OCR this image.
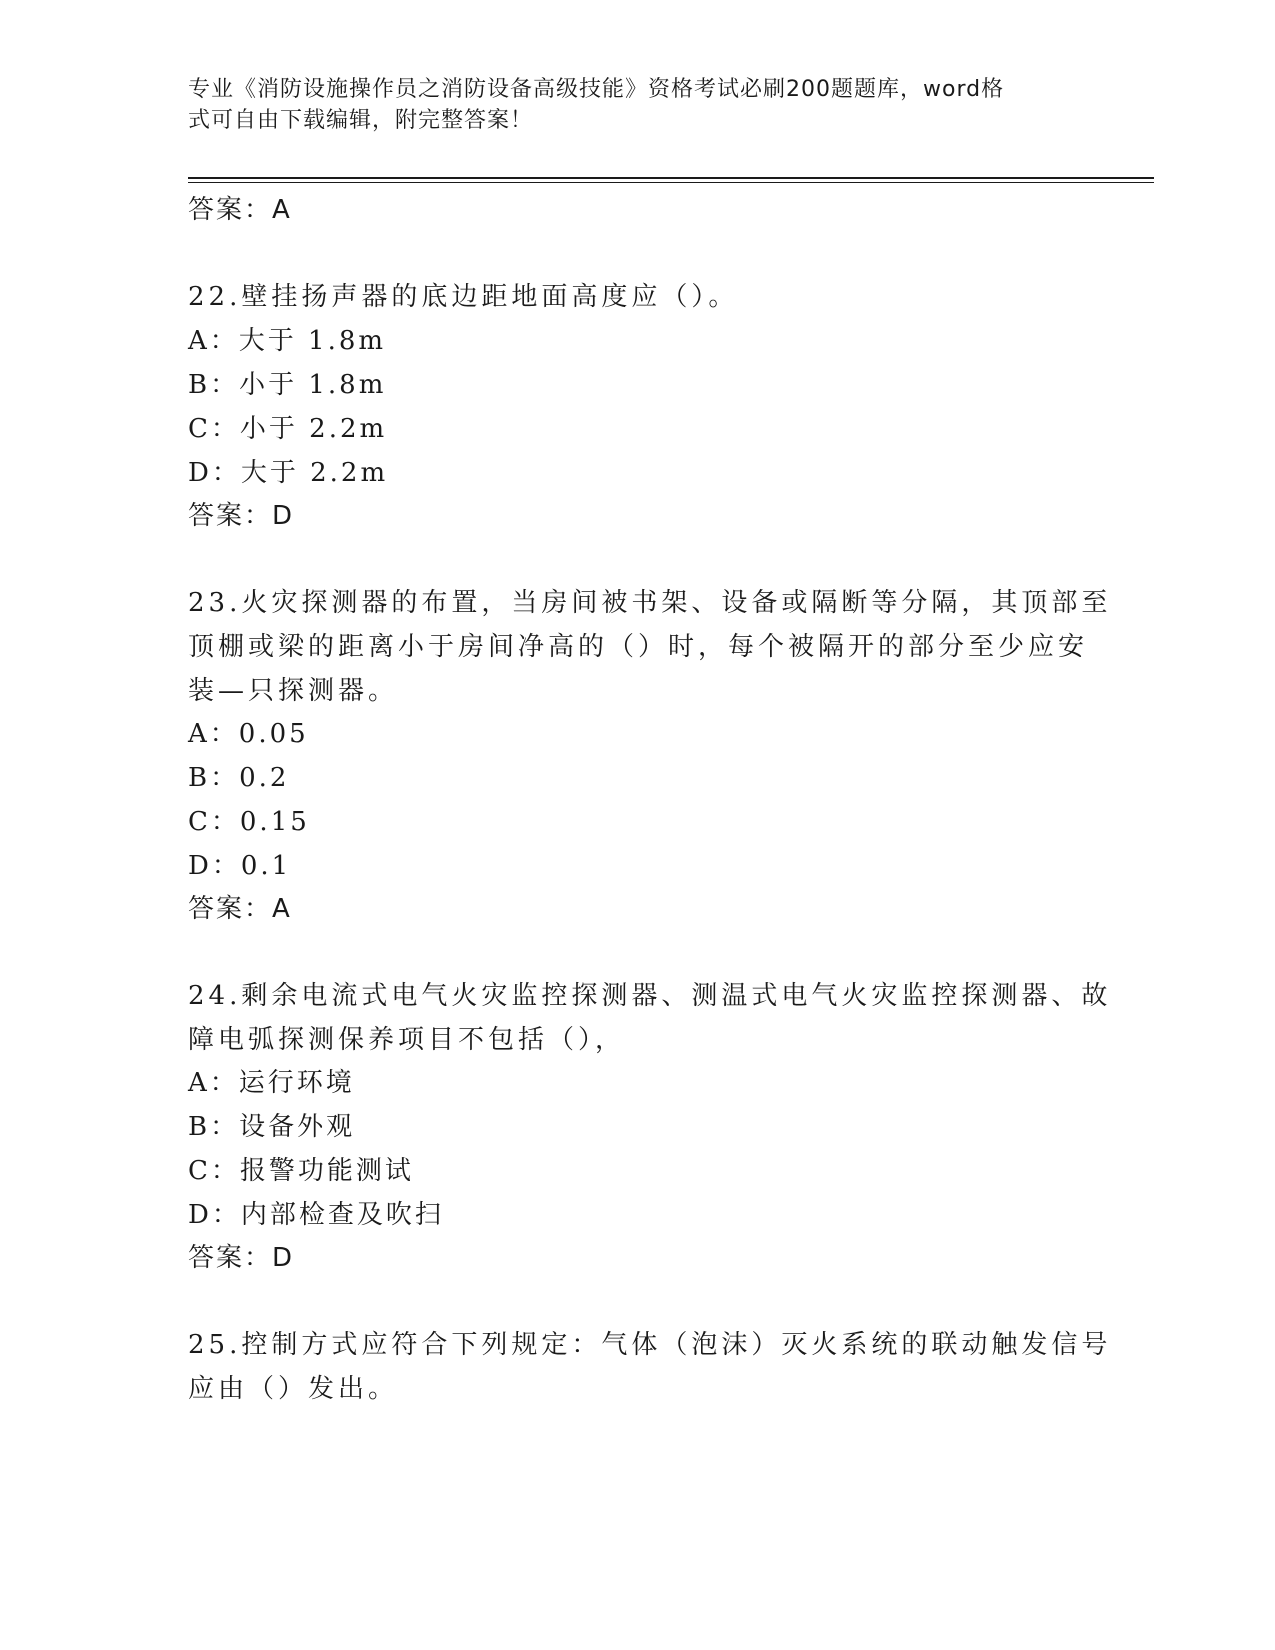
专业《消防设施操作员之消防设备高级技能》资格考试必刷200题题库，word格
式可自由下载编辑，附完整答案！
答案：A
22.壁挂扬声器的底边距地面高度应（）。
A：大于 1.8m
B：小于 1.8m
C：小于 2.2m
D：大于 2.2m
答案：D
23.火灾探测器的布置，当房间被书架、设备或隔断等分隔，其顶部至
顶棚或梁的距离小于房间净高的（）时，每个被隔开的部分至少应安
装—只探测器。
A：0.05
B：0.2
C：0.15
D：0.1
答案：A
24.剩余电流式电气火灾监控探测器、测温式电气火灾监控探测器、故
障电弧探测保养项目不包括（），
A：运行环境
B：设备外观
C：报警功能测试
D：内部检查及吹扫
答案：D
25.控制方式应符合下列规定：气体（泡沫）灭火系统的联动触发信号
应由（）发出。
